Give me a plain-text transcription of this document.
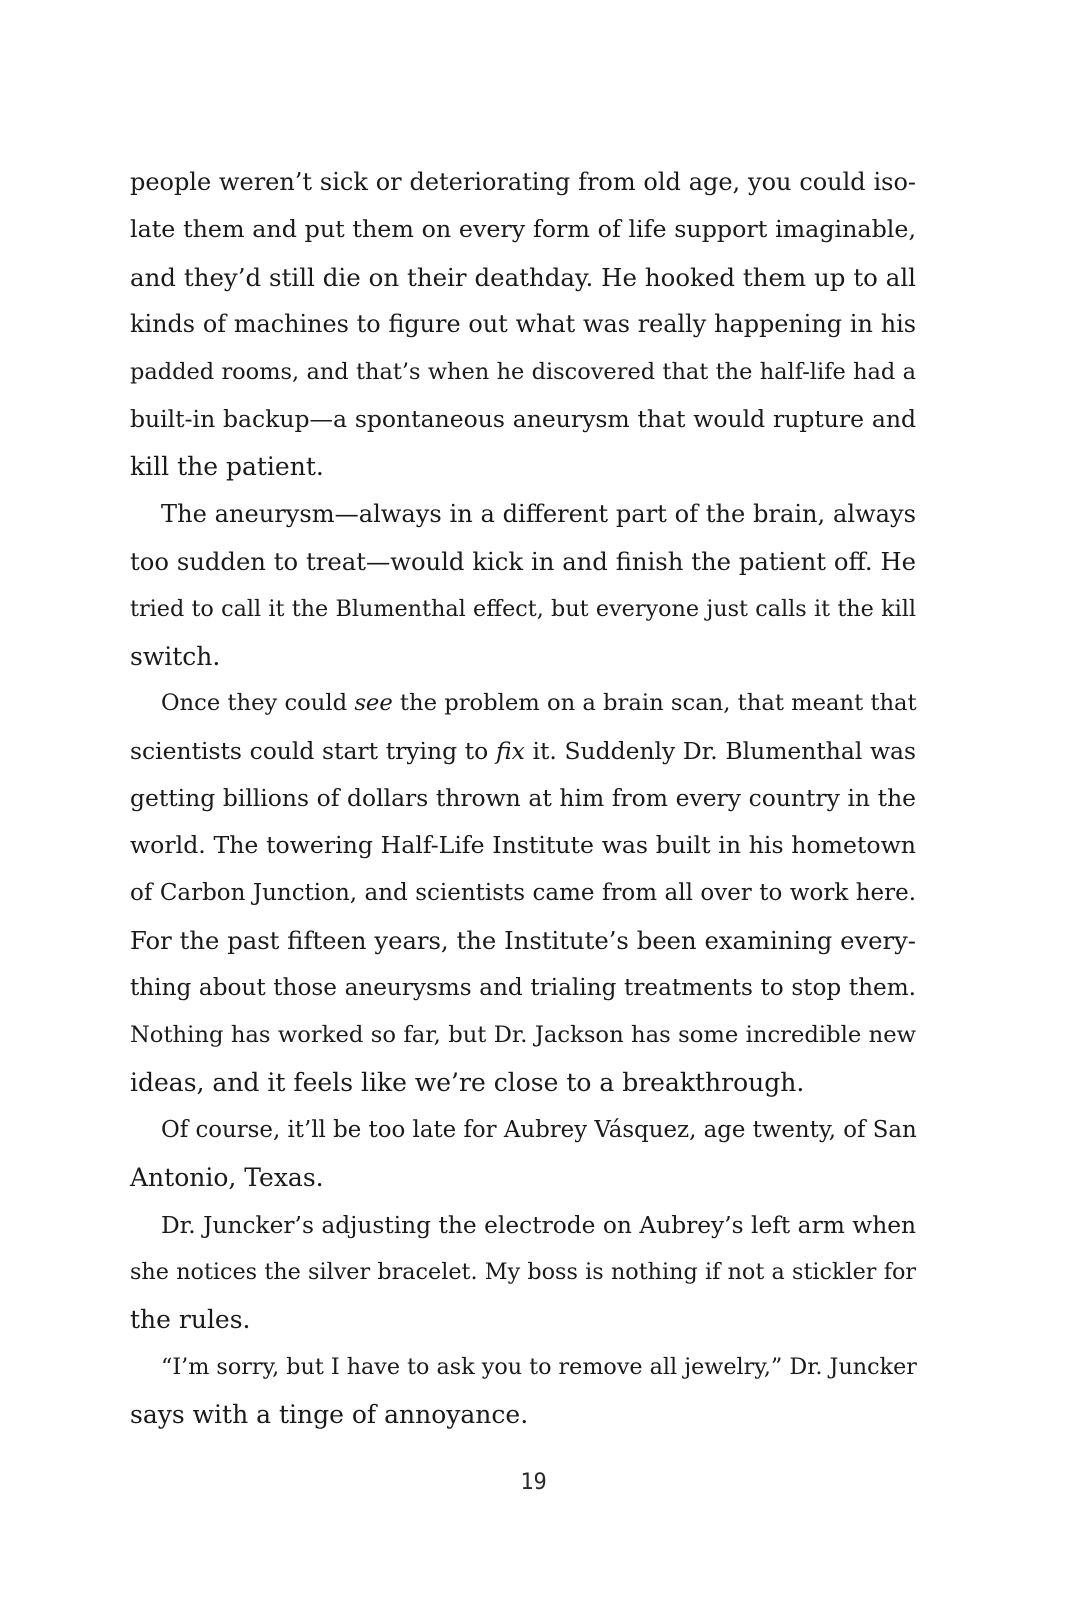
people weren’t sick or deteriorating from old age, you could iso-
late them and put them on every form of life support imaginable,
and they’d still die on their deathday. He hooked them up to all
kinds of machines to figure out what was really happening in his
padded rooms, and that’s when he discovered that the half-life had a
built-in backup—a spontaneous aneurysm that would rupture and
kill the patient.
The aneurysm—always in a different part of the brain, always
too sudden to treat—would kick in and finish the patient off. He
tried to call it the Blumenthal effect, but everyone just calls it the kill
switch.
Once they could see the problem on a brain scan, that meant that
scientists could start trying to fix it. Suddenly Dr. Blumenthal was
getting billions of dollars thrown at him from every country in the
world. The towering Half-Life Institute was built in his hometown
of Carbon Junction, and scientists came from all over to work here.
For the past fifteen years, the Institute’s been examining every-
thing about those aneurysms and trialing treatments to stop them.
Nothing has worked so far, but Dr. Jackson has some incredible new
ideas, and it feels like we’re close to a breakthrough.
Of course, it’ll be too late for Aubrey Vásquez, age twenty, of San
Antonio, Texas.
Dr. Juncker’s adjusting the electrode on Aubrey’s left arm when
she notices the silver bracelet. My boss is nothing if not a stickler for
the rules.
“I’m sorry, but I have to ask you to remove all jewelry,” Dr. Juncker
says with a tinge of annoyance.
19
